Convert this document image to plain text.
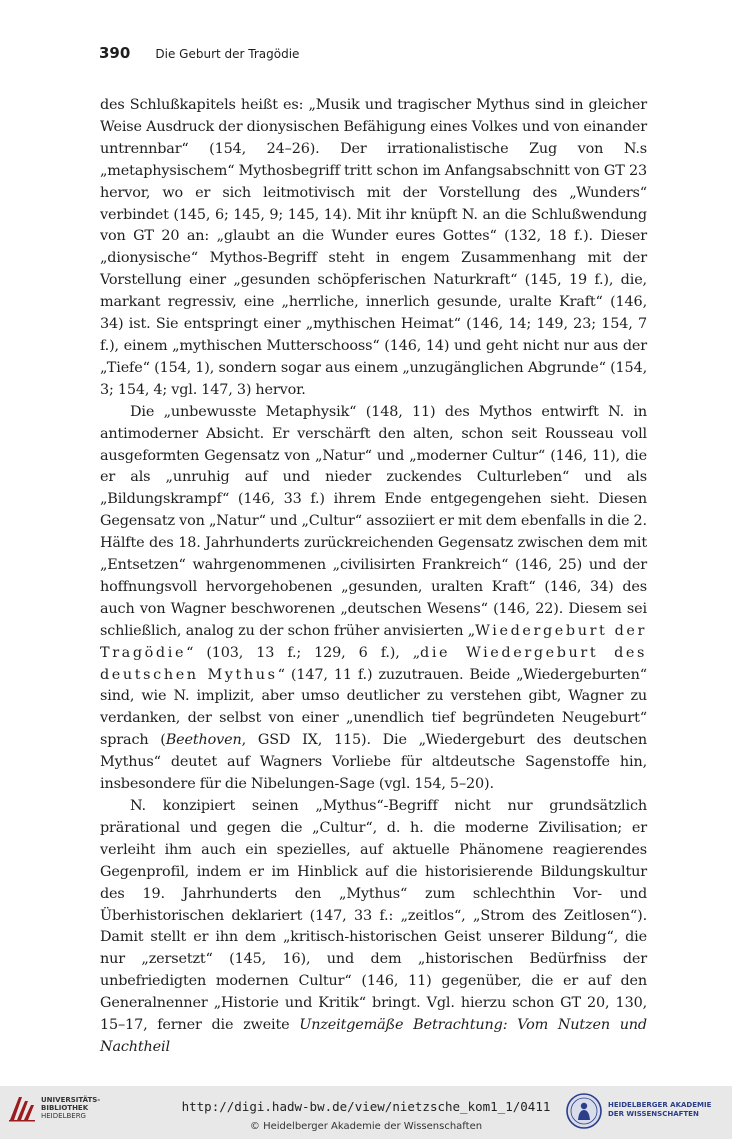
390 Die Geburt der Tragödie

des Schlußkapitels heißt es: „Musik und tragischer Mythus sind in gleicher Weise Ausdruck der dionysischen Befähigung eines Volkes und von einander untrennbar“ (154, 24–26). Der irrationalistische Zug von N.s „metaphysischem“ Mythosbegriff tritt schon im Anfangsabschnitt von GT 23 hervor, wo er sich leitmotivisch mit der Vorstellung des „Wunders“ verbindet (145, 6; 145, 9; 145, 14). Mit ihr knüpft N. an die Schlußwendung von GT 20 an: „glaubt an die Wunder eures Gottes“ (132, 18 f.). Dieser „dionysische“ Mythos-Begriff steht in engem Zusammenhang mit der Vorstellung einer „gesunden schöpferischen Naturkraft“ (145, 19 f.), die, markant regressiv, eine „herrliche, innerlich gesunde, uralte Kraft“ (146, 34) ist. Sie entspringt einer „mythischen Heimat“ (146, 14; 149, 23; 154, 7 f.), einem „mythischen Mutterschooss“ (146, 14) und geht nicht nur aus der „Tiefe“ (154, 1), sondern sogar aus einem „unzugänglichen Abgrunde“ (154, 3; 154, 4; vgl. 147, 3) hervor.

Die „unbewusste Metaphysik“ (148, 11) des Mythos entwirft N. in antimoderner Absicht. Er verschärft den alten, schon seit Rousseau voll ausgeformten Gegensatz von „Natur“ und „moderner Cultur“ (146, 11), die er als „unruhig auf und nieder zuckendes Culturleben“ und als „Bildungskrampf“ (146, 33 f.) ihrem Ende entgegengehen sieht. Diesen Gegensatz von „Natur“ und „Cultur“ assoziiert er mit dem ebenfalls in die 2. Hälfte des 18. Jahrhunderts zurückreichenden Gegensatz zwischen dem mit „Entsetzen“ wahrgenommenen „civilisirten Frankreich“ (146, 25) und der hoffnungsvoll hervorgehobenen „gesunden, uralten Kraft“ (146, 34) des auch von Wagner beschworenen „deutschen Wesens“ (146, 22). Diesem sei schließlich, analog zu der schon früher anvisierten „Wiedergeburt der Tragödie“ (103, 13 f.; 129, 6 f.), „die Wiedergeburt des deutschen Mythus“ (147, 11 f.) zuzutrauen. Beide „Wiedergeburten“ sind, wie N. implizit, aber umso deutlicher zu verstehen gibt, Wagner zu verdanken, der selbst von einer „unendlich tief begründeten Neugeburt“ sprach (Beethoven, GSD IX, 115). Die „Wiedergeburt des deutschen Mythus“ deutet auf Wagners Vorliebe für altdeutsche Sagenstoffe hin, insbesondere für die Nibelungen-Sage (vgl. 154, 5–20).

N. konzipiert seinen „Mythus“-Begriff nicht nur grundsätzlich prärational und gegen die „Cultur“, d. h. die moderne Zivilisation; er verleiht ihm auch ein spezielles, auf aktuelle Phänomene reagierendes Gegenprofil, indem er im Hinblick auf die historisierende Bildungskultur des 19. Jahrhunderts den „Mythus“ zum schlechthin Vor- und Überhistorischen deklariert (147, 33 f.: „zeitlos“, „Strom des Zeitlosen“). Damit stellt er ihn dem „kritisch-historischen Geist unserer Bildung“, die nur „zersetzt“ (145, 16), und dem „historischen Bedürfniss der unbefriedigten modernen Cultur“ (146, 11) gegenüber, die er auf den Generalnenner „Historie und Kritik“ bringt. Vgl. hierzu schon GT 20, 130, 15–17, ferner die zweite Unzeitgemäße Betrachtung: Vom Nutzen und Nachtheil

UNIVERSITÄTS-
BIBLIOTHEK
HEIDELBERG
http://digi.hadw-bw.de/view/nietzsche_kom1_1/0411
© Heidelberger Akademie der Wissenschaften
HEIDELBERGER AKADEMIE
DER WISSENSCHAFTEN
